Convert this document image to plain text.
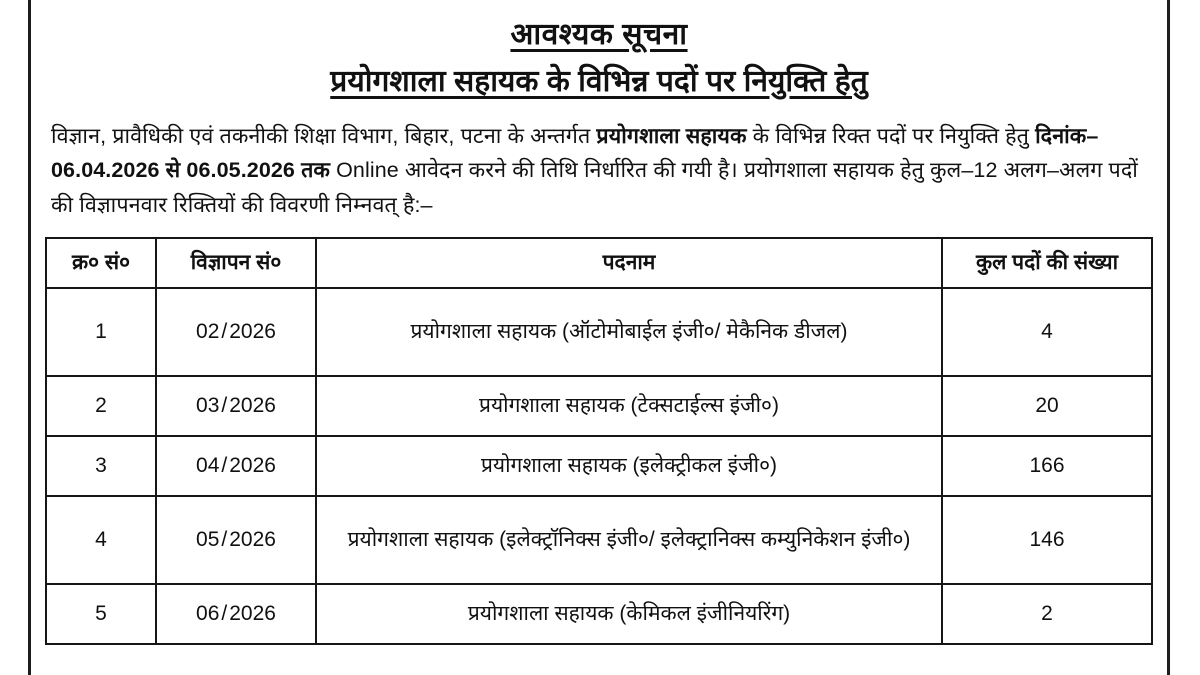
आवश्यक सूचना
प्रयोगशाला सहायक के विभिन्न पदों पर नियुक्ति हेतु
विज्ञान, प्रावैधिकी एवं तकनीकी शिक्षा विभाग, बिहार, पटना के अन्तर्गत प्रयोगशाला सहायक के विभिन्न रिक्त पदों पर नियुक्ति हेतु दिनांक–06.04.2026 से 06.05.2026 तक Online आवेदन करने की तिथि निर्धारित की गयी है। प्रयोगशाला सहायक हेतु कुल–12 अलग–अलग पदों की विज्ञापनवार रिक्तियों की विवरणी निम्नवत् है:–
क्र० सं०	विज्ञापन सं०	पदनाम	कुल पदों की संख्या
1	02/2026	प्रयोगशाला सहायक (ऑटोमोबाईल इंजी०/ मेकैनिक डीजल)	4
2	03/2026	प्रयोगशाला सहायक (टेक्सटाईल्स इंजी०)	20
3	04/2026	प्रयोगशाला सहायक (इलेक्ट्रीकल इंजी०)	166
4	05/2026	प्रयोगशाला सहायक (इलेक्ट्रॉनिक्स इंजी०/ इलेक्ट्रानिक्स कम्युनिकेशन इंजी०)	146
5	06/2026	प्रयोगशाला सहायक (केमिकल इंजीनियरिंग)	2
